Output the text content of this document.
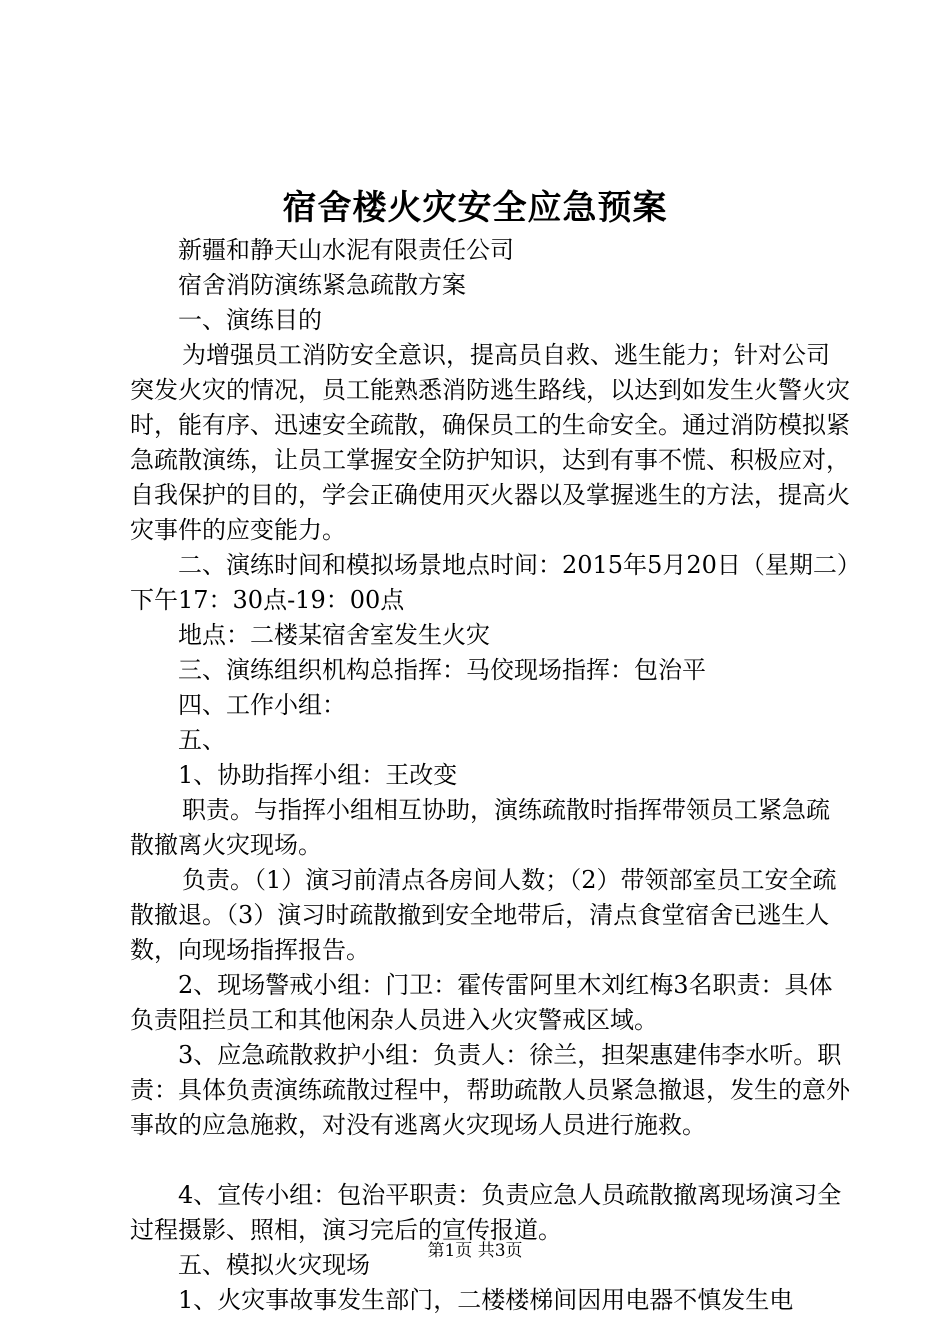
宿舍楼火灾安全应急预案

新疆和静天山水泥有限责任公司

宿舍消防演练紧急疏散方案

一、演练目的

为增强员工消防安全意识，提高员自救、逃生能力；针对公司突发火灾的情况，员工能熟悉消防逃生路线，以达到如发生火警火灾时，能有序、迅速安全疏散，确保员工的生命安全。通过消防模拟紧急疏散演练，让员工掌握安全防护知识，达到有事不慌、积极应对，自我保护的目的，学会正确使用灭火器以及掌握逃生的方法，提高火灾事件的应变能力。

二、演练时间和模拟场景地点时间：2015年5月20日（星期二）下午17：30点-19：00点

地点：二楼某宿舍室发生火灾

三、演练组织机构总指挥：马佼现场指挥：包治平

四、工作小组：

五、

1、协助指挥小组：王改变

职责。与指挥小组相互协助，演练疏散时指挥带领员工紧急疏散撤离火灾现场。

负责。（1）演习前清点各房间人数；（2）带领部室员工安全疏散撤退。（3）演习时疏散撤到安全地带后，清点食堂宿舍已逃生人数，向现场指挥报告。

2、现场警戒小组：门卫：霍传雷阿里木刘红梅3名职责：具体负责阻拦员工和其他闲杂人员进入火灾警戒区域。

3、应急疏散救护小组：负责人：徐兰，担架惠建伟李水听。职责：具体负责演练疏散过程中，帮助疏散人员紧急撤退，发生的意外事故的应急施救，对没有逃离火灾现场人员进行施救。

4、宣传小组：包治平职责：负责应急人员疏散撤离现场演习全过程摄影、照相，演习完后的宣传报道。

五、模拟火灾现场

1、火灾事故事发生部门，二楼楼梯间因用电器不慎发生电

第1页 共3页
